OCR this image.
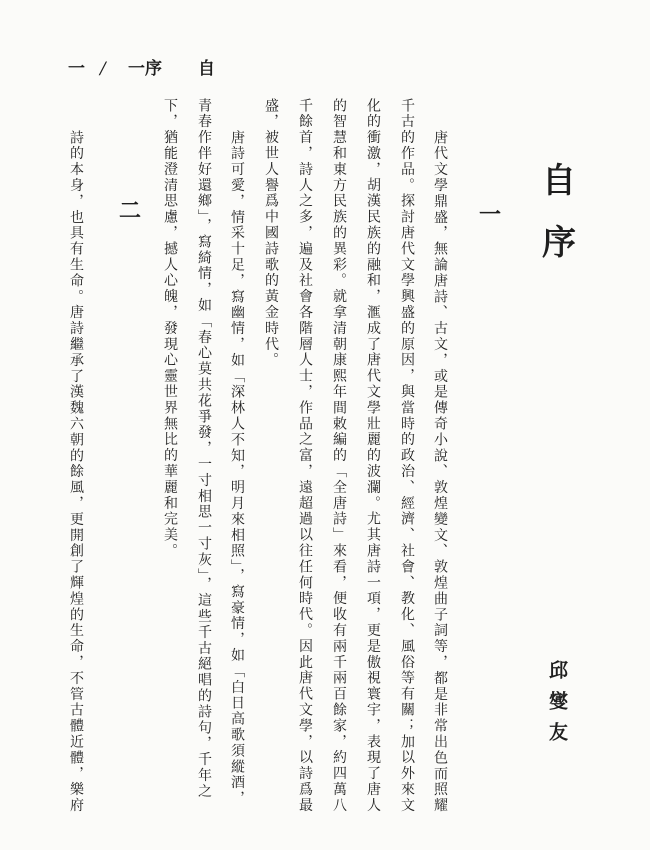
一 / 一序 自
自
序
一
二	唐代文學鼎盛，無論唐詩、古文，或是傳奇小說、敦煌變文、敦煌曲子詞等，都是非常出色而照耀
千古的作品。探討唐代文學興盛的原因，與當時的政治、經濟、社會、教化、風俗等有關；加以外來文
化的衝激，胡漢民族的融和，滙成了唐代文學壯麗的波瀾。尤其唐詩一項，更是傲視寰宇，表現了唐人
的智慧和東方民族的異彩。就拿清朝康熙年間敕編的「全唐詩」來看，便收有兩千兩百餘家，約四萬八
千餘首，詩人之多，遍及社會各階層人士，作品之富，遠超過以往任何時代。因此唐代文學，以詩爲最
盛，被世人譽爲中國詩歌的黃金時代。
唐詩可愛，情采十足，寫幽情，如「深林人不知，明月來相照」，寫豪情，如「白日高歌須縱酒，
青春作伴好還鄉」，寫綺情，如「春心莫共花爭發，一寸相思一寸灰」，這些千古絕唱的詩句，千年之
下，猶能澄清思慮，撼人心魄，發現心靈世界無比的華麗和完美。
詩的本身，也具有生命。唐詩繼承了漢魏六朝的餘風，更開創了輝煌的生命，不管古體近體，樂府	邱燮友
